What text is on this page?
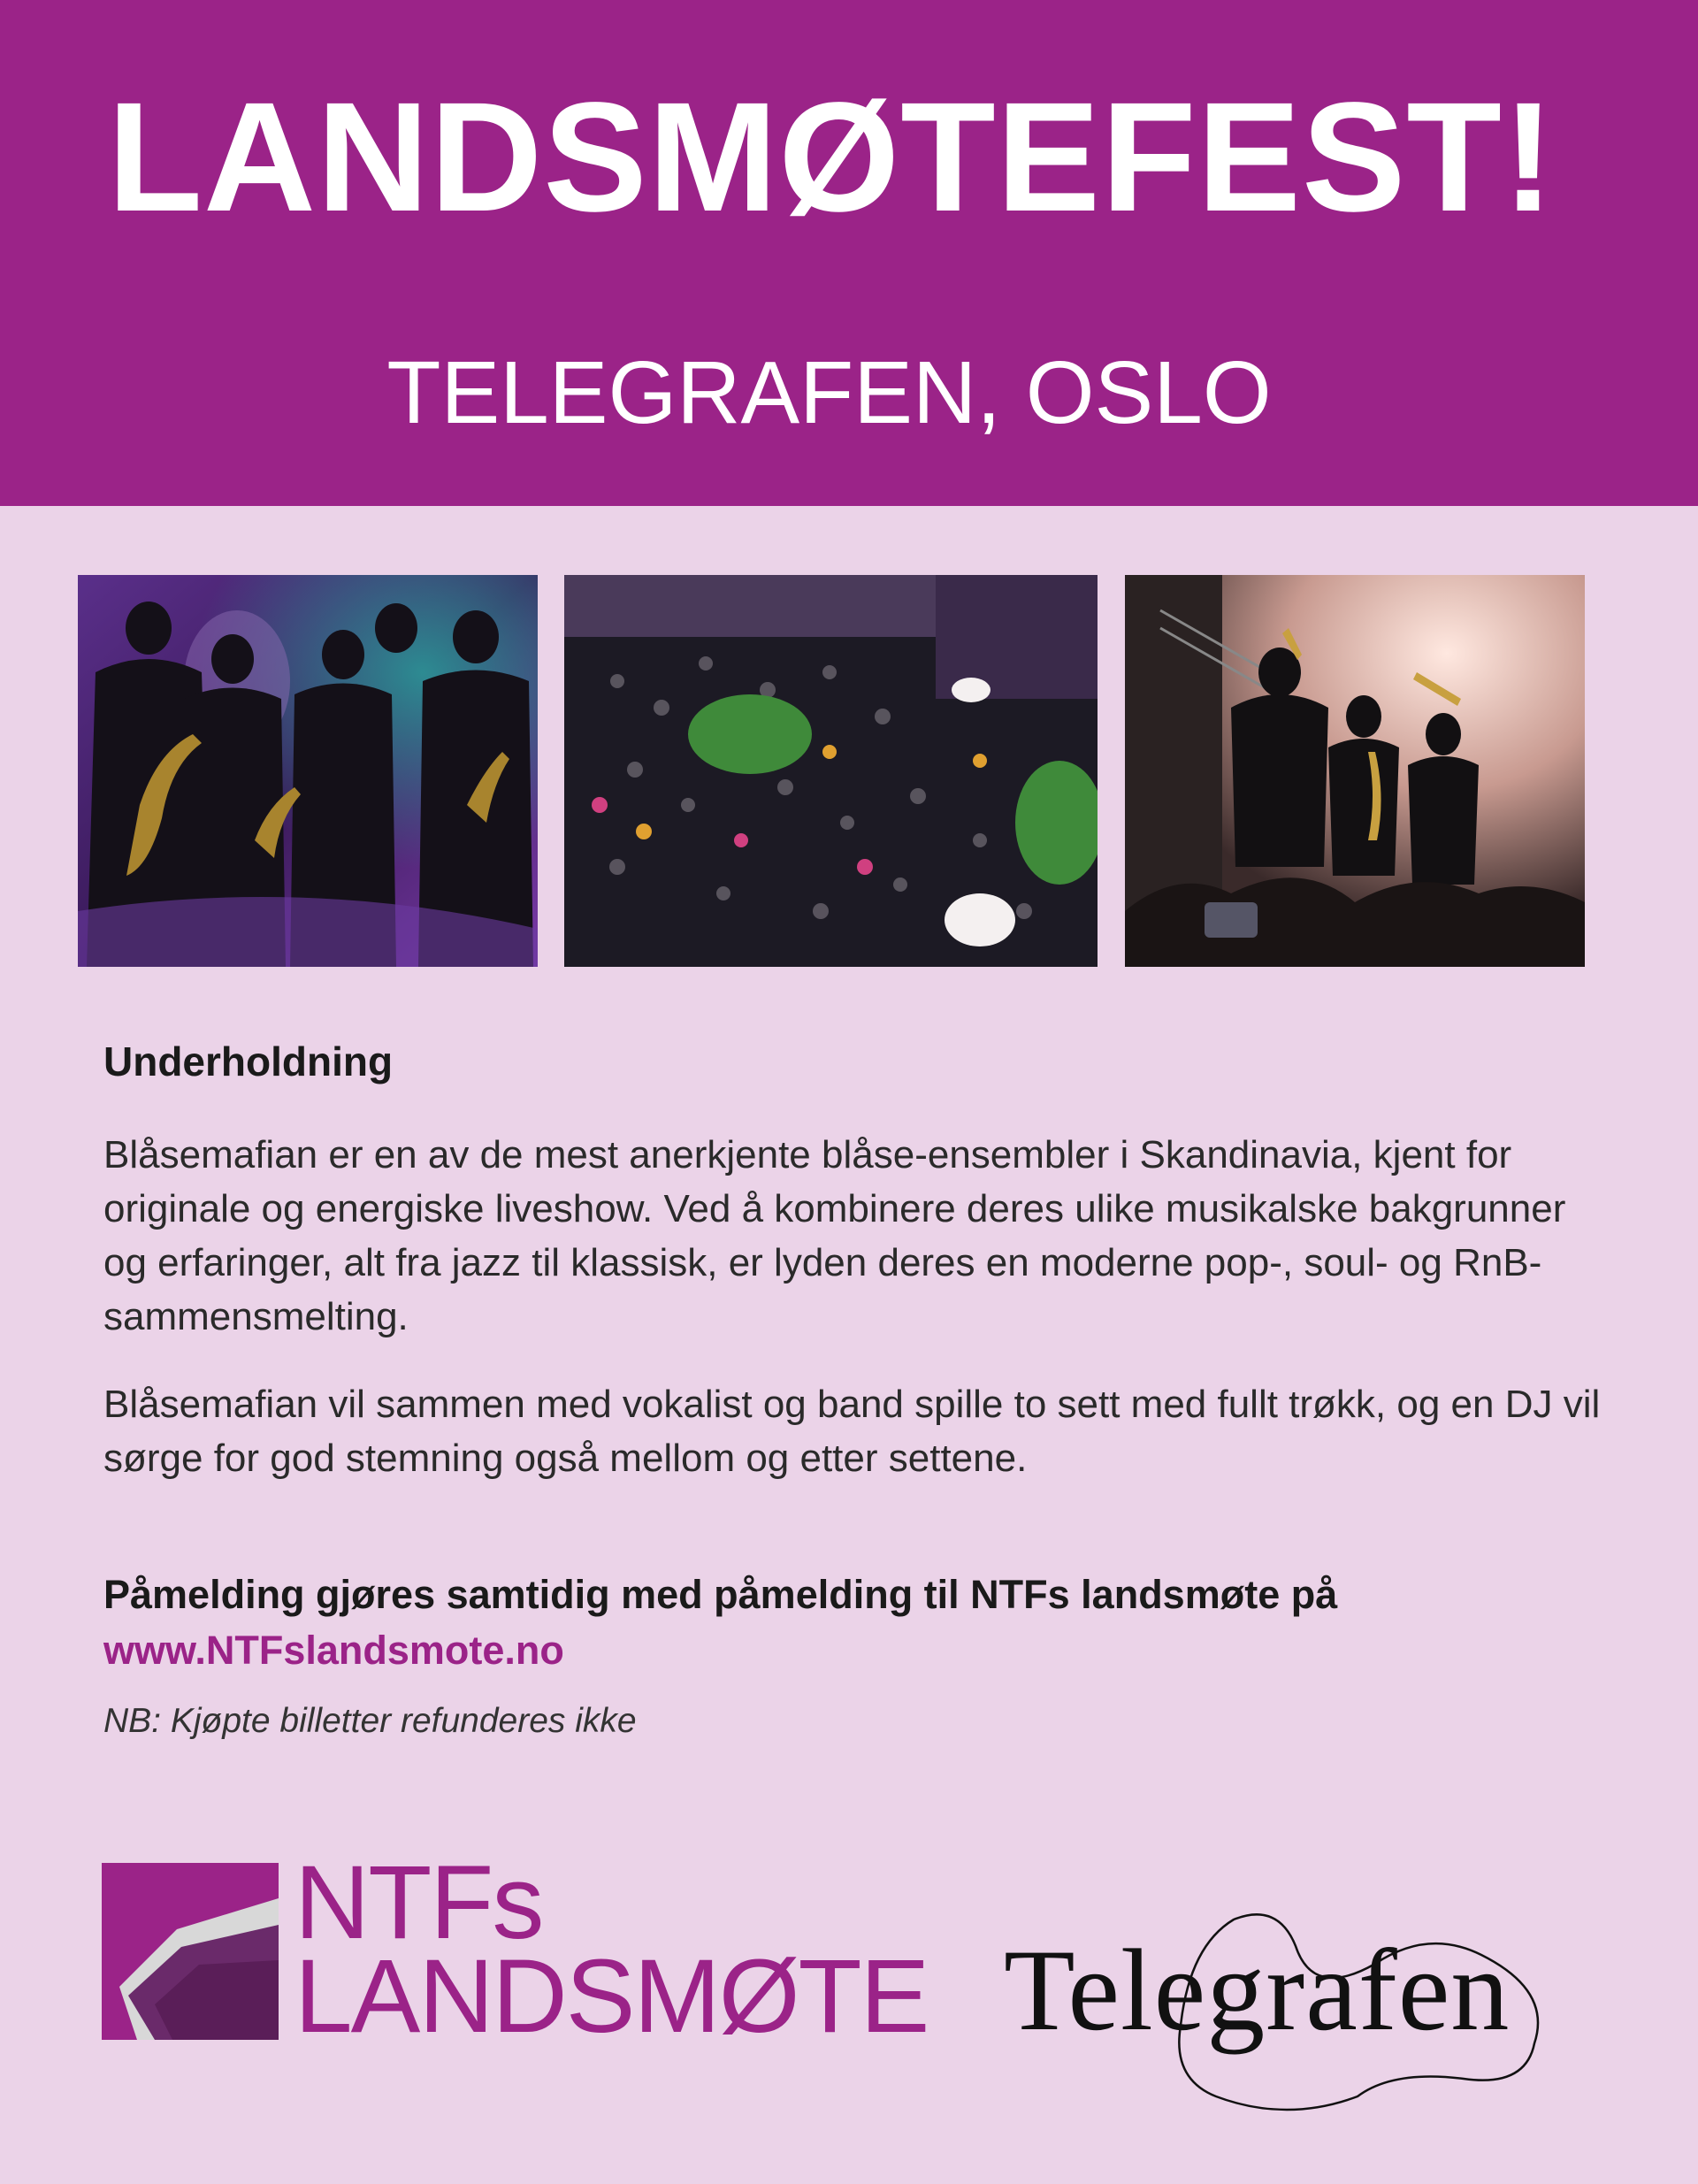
LANDSMØTEFEST!
TELEGRAFEN, OSLO
Underholdning
Blåsemafian er en av de mest anerkjente blåse-ensembler i Skandinavia, kjent for originale og energiske liveshow. Ved å kombinere deres ulike musikalske bakgrunner og erfaringer, alt fra jazz til klassisk, er lyden deres en moderne pop-, soul- og RnB-sammensmelting.
Blåsemafian vil sammen med vokalist og band spille to sett med fullt trøkk, og en DJ vil sørge for god stemning også mellom og etter settene.
Påmelding gjøres samtidig med påmelding til NTFs landsmøte på
www.NTFslandsmote.no
NB: Kjøpte billetter refunderes ikke
NTFs
LANDSMØTE Telegrafen
